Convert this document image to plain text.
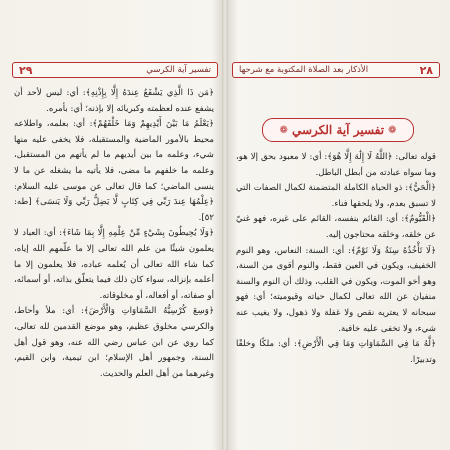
٢٩	تفسير آية الكرسي	الأذكار بعد الصلاة المكتوبة مع شرحها	٢٨
❁ تفسير آية الكرسي ❁

﴿مَن ذَا الَّذِي يَشْفَعُ عِندَهُ إِلَّا بِإِذْنِهِ﴾: أي: ليس لأحد أن يشفع عنده لعظمته وكبريائه إلا بإذنه؛ أي: بأمره.

﴿يَعْلَمُ مَا بَيْنَ أَيْدِيهِمْ وَمَا خَلْفَهُمْ﴾: أي: بعلمه، واطلاعه محيط بالأمور الماضية والمستقبلة، فلا يخفى عليه منها شيء، وعلمه ما بين أيديهم ما لم يأتهم من المستقبل، وعلمه ما خلفهم ما مضى، فلا يأتيه ما يشغله عن ما لا ينسى الماضي؛ كما قال تعالى عن موسى عليه السلام: ﴿عِلْمُهَا عِندَ رَبِّي فِي كِتَابٍ لَّا يَضِلُّ رَبِّي وَلَا يَنسَى﴾ [طه: ٥٢].

﴿وَلَا يُحِيطُونَ بِشَيْءٍ مِّنْ عِلْمِهِ إِلَّا بِمَا شَاءَ﴾: أي: العباد لا يعلمون شيئًا من علم الله تعالى إلا ما علّمهم الله إياه، كما شاء الله تعالى أن يُعلمه عباده، فلا يعلمون إلا ما أعلمه بإنزاله، سواء كان ذلك فيما يتعلّق بذاته، أو أسمائه، أو صفاته، أو أفعاله، أو مخلوقاته.

﴿وَسِعَ كُرْسِيُّهُ السَّمَاوَاتِ وَالْأَرْضَ﴾: أي: ملأ وأحاط، والكرسي مخلوق عظيم، وهو موضع القدمين لله تعالى، كما روي عن ابن عباس رضي الله عنه، وهو قول أهل السنة، وجمهور أهل الإسلام؛ ابن تيمية، وابن القيم، وغيرهما من أهل العلم والحديث.

قوله تعالى: ﴿اللَّهُ لَا إِلَٰهَ إِلَّا هُوَ﴾: أي: لا معبود بحق إلا هو، وما سواه عبادته من أبطل الباطل.

﴿الْحَيُّ﴾: ذو الحياة الكاملة المتضمنة لكمال الصفات التي لا تسبق بعدم، ولا يلحقها فناء.

﴿الْقَيُّومُ﴾: أي: القائم بنفسه، القائم على غيره، فهو غنيّ عن خلقه، وخلقه محتاجون إليه.

﴿لَا تَأْخُذُهُ سِنَةٌ وَلَا نَوْمٌ﴾: أي: السنة: النعاس، وهو النوم الخفيف، ويكون في العين فقط، والنوم أقوى من السنة، وهو أخو الموت، ويكون في القلب، وذلك أن النوم والسنة منفيان عن الله تعالى لكمال حياته وقيوميته؛ أي: فهو سبحانه لا يعتريه نقص ولا غفلة ولا ذهول، ولا يغيب عنه شيء، ولا تخفى عليه خافية.

﴿لَّهُ مَا فِي السَّمَاوَاتِ وَمَا فِي الْأَرْضِ﴾: أي: ملكًا وخلقًا وتدبيرًا.
